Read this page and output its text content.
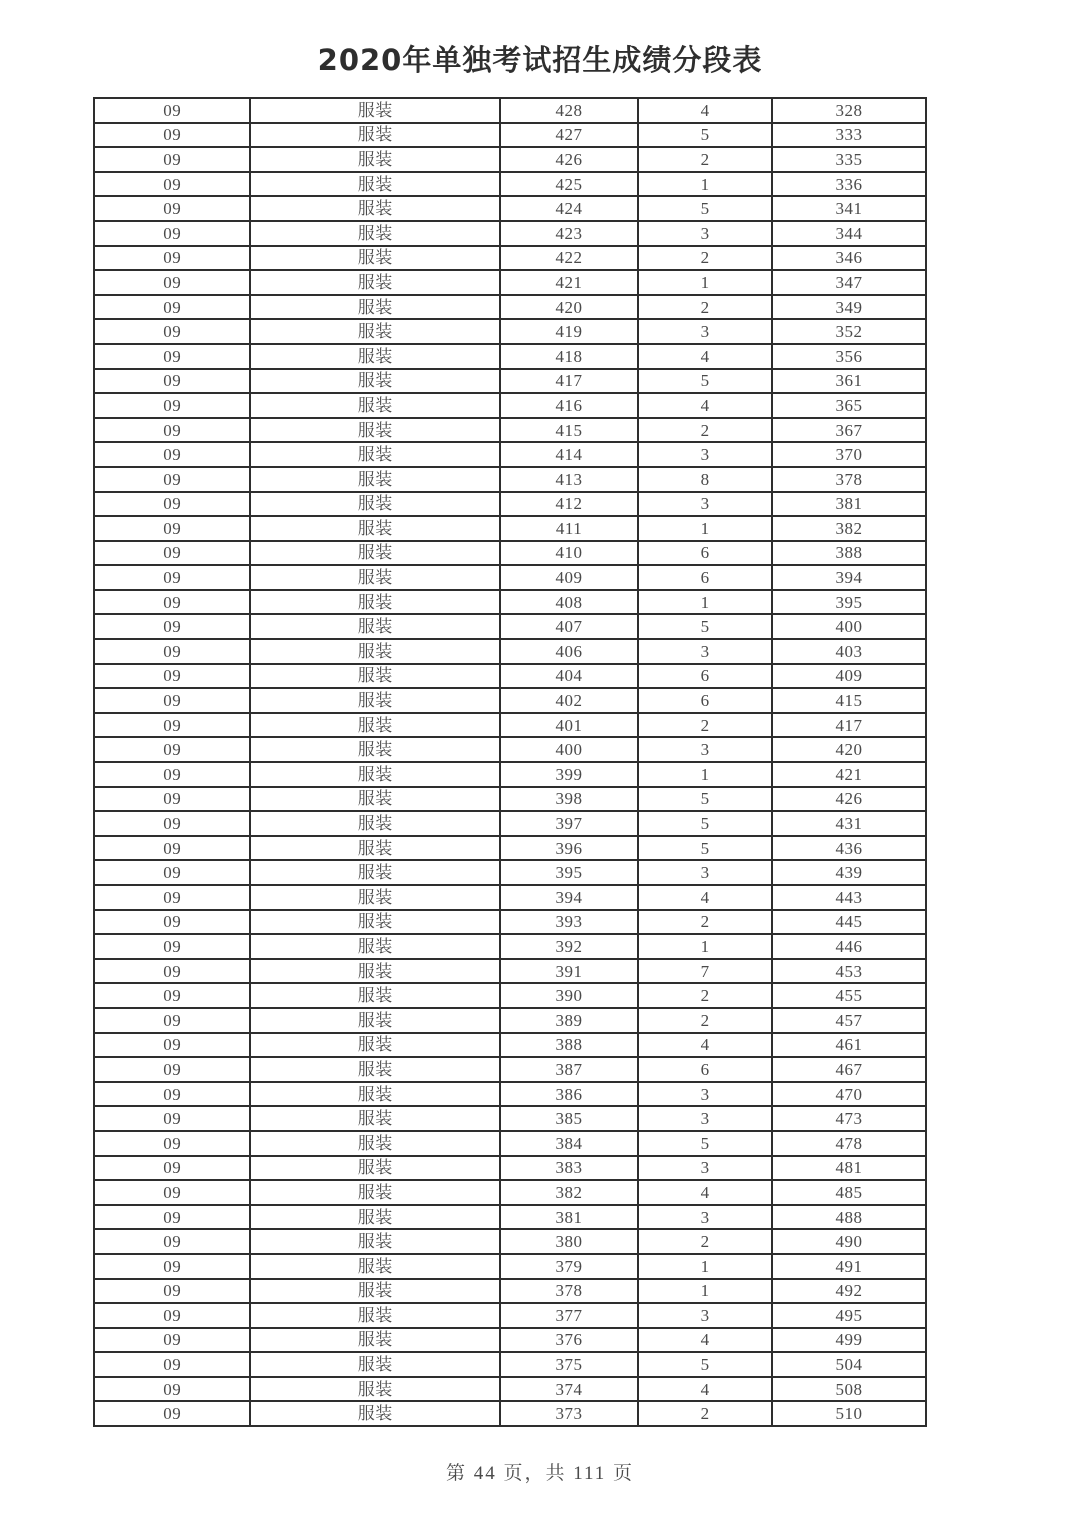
2020年单独考试招生成绩分段表
09	服装	428	4	328
09	服装	427	5	333
09	服装	426	2	335
09	服装	425	1	336
09	服装	424	5	341
09	服装	423	3	344
09	服装	422	2	346
09	服装	421	1	347
09	服装	420	2	349
09	服装	419	3	352
09	服装	418	4	356
09	服装	417	5	361
09	服装	416	4	365
09	服装	415	2	367
09	服装	414	3	370
09	服装	413	8	378
09	服装	412	3	381
09	服装	411	1	382
09	服装	410	6	388
09	服装	409	6	394
09	服装	408	1	395
09	服装	407	5	400
09	服装	406	3	403
09	服装	404	6	409
09	服装	402	6	415
09	服装	401	2	417
09	服装	400	3	420
09	服装	399	1	421
09	服装	398	5	426
09	服装	397	5	431
09	服装	396	5	436
09	服装	395	3	439
09	服装	394	4	443
09	服装	393	2	445
09	服装	392	1	446
09	服装	391	7	453
09	服装	390	2	455
09	服装	389	2	457
09	服装	388	4	461
09	服装	387	6	467
09	服装	386	3	470
09	服装	385	3	473
09	服装	384	5	478
09	服装	383	3	481
09	服装	382	4	485
09	服装	381	3	488
09	服装	380	2	490
09	服装	379	1	491
09	服装	378	1	492
09	服装	377	3	495
09	服装	376	4	499
09	服装	375	5	504
09	服装	374	4	508
09	服装	373	2	510
第 44 页，共 111 页
